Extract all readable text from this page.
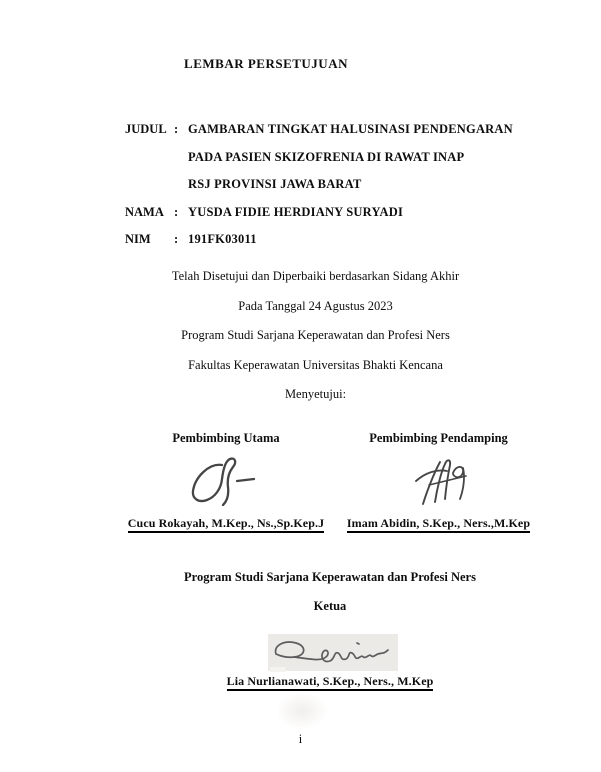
LEMBAR PERSETUJUAN
JUDUL : GAMBARAN TINGKAT HALUSINASI PENDENGARAN
PADA PASIEN SKIZOFRENIA DI RAWAT INAP
RSJ PROVINSI JAWA BARAT
NAMA : YUSDA FIDIE HERDIANY SURYADI
NIM	: 191FK03011
Telah Disetujui dan Diperbaiki berdasarkan Sidang Akhir
Pada Tanggal 24 Agustus 2023
Program Studi Sarjana Keperawatan dan Profesi Ners
Fakultas Keperawatan Universitas Bhakti Kencana
Menyetujui:
Pembimbing Utama
Cucu Rokayah, M.Kep., Ns.,Sp.Kep.J
Pembimbing Pendamping
Imam Abidin, S.Kep., Ners.,M.Kep
Program Studi Sarjana Keperawatan dan Profesi Ners
Ketua
Lia Nurlianawati, S.Kep., Ners., M.Kep
i
